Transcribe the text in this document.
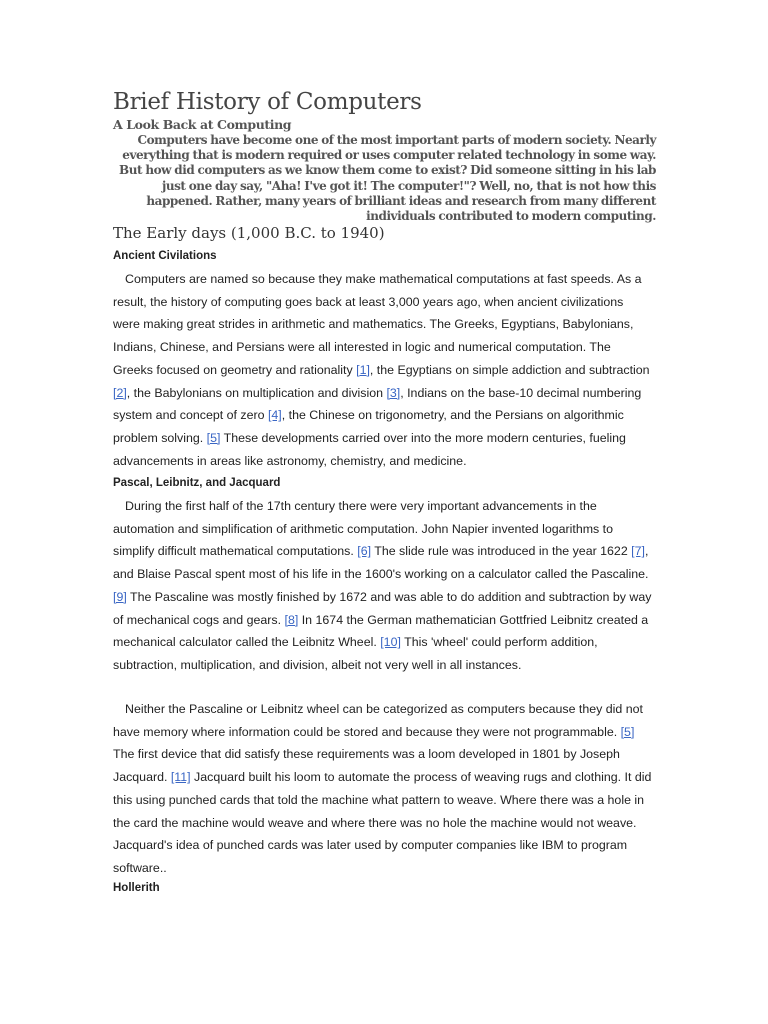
Brief History of Computers
A Look Back at Computing

Computers have become one of the most important parts of modern society. Nearly everything that is modern required or uses computer related technology in some way. But how did computers as we know them come to exist? Did someone sitting in his lab just one day say, "Aha! I've got it! The computer!"? Well, no, that is not how this happened. Rather, many years of brilliant ideas and research from many different individuals contributed to modern computing.

The Early days (1,000 B.C. to 1940)
Ancient Civilations

Computers are named so because they make mathematical computations at fast speeds. As a result, the history of computing goes back at least 3,000 years ago, when ancient civilizations were making great strides in arithmetic and mathematics. The Greeks, Egyptians, Babylonians, Indians, Chinese, and Persians were all interested in logic and numerical computation. The Greeks focused on geometry and rationality [1], the Egyptians on simple addiction and subtraction [2], the Babylonians on multiplication and division [3], Indians on the base-10 decimal numbering system and concept of zero [4], the Chinese on trigonometry, and the Persians on algorithmic problem solving. [5] These developments carried over into the more modern centuries, fueling advancements in areas like astronomy, chemistry, and medicine.

Pascal, Leibnitz, and Jacquard

During the first half of the 17th century there were very important advancements in the automation and simplification of arithmetic computation. John Napier invented logarithms to simplify difficult mathematical computations. [6] The slide rule was introduced in the year 1622 [7], and Blaise Pascal spent most of his life in the 1600's working on a calculator called the Pascaline. [9] The Pascaline was mostly finished by 1672 and was able to do addition and subtraction by way of mechanical cogs and gears. [8] In 1674 the German mathematician Gottfried Leibnitz created a mechanical calculator called the Leibnitz Wheel. [10] This 'wheel' could perform addition, subtraction, multiplication, and division, albeit not very well in all instances.

Neither the Pascaline or Leibnitz wheel can be categorized as computers because they did not have memory where information could be stored and because they were not programmable. [5] The first device that did satisfy these requirements was a loom developed in 1801 by Joseph Jacquard. [11] Jacquard built his loom to automate the process of weaving rugs and clothing. It did this using punched cards that told the machine what pattern to weave. Where there was a hole in the card the machine would weave and where there was no hole the machine would not weave. Jacquard's idea of punched cards was later used by computer companies like IBM to program software..

Hollerith
